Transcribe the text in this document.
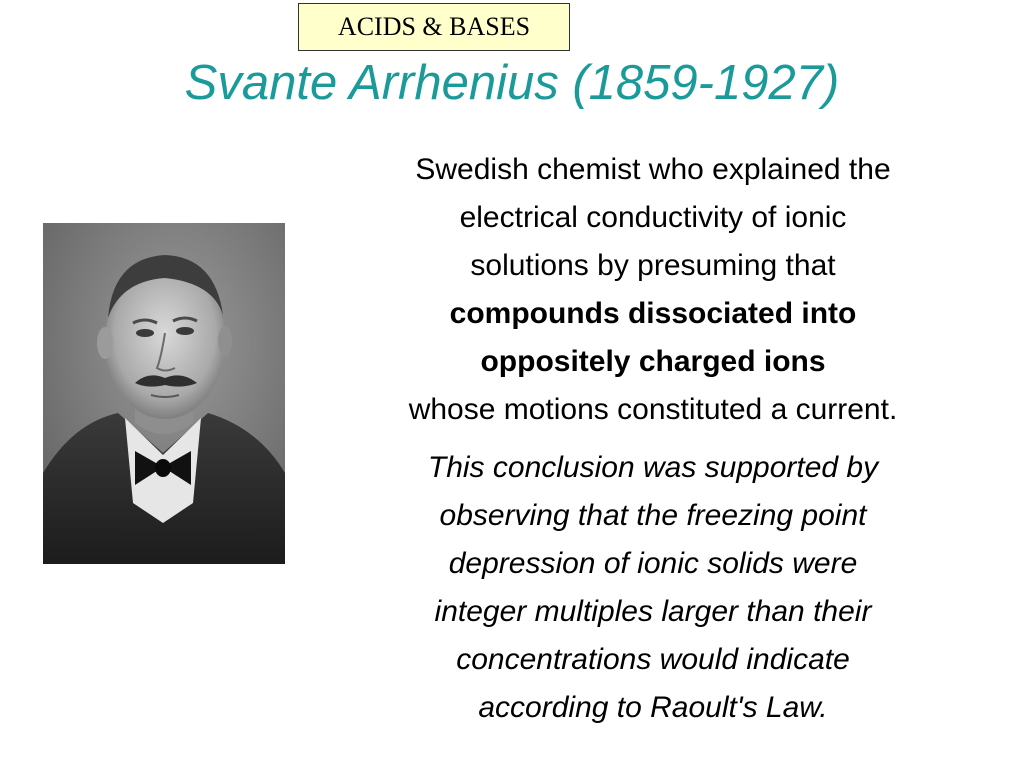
ACIDS & BASES
Svante Arrhenius (1859-1927)

Swedish chemist who explained the
electrical conductivity of ionic
solutions by presuming that
compounds dissociated into
oppositely charged ions
whose motions constituted a current.

This conclusion was supported by
observing that the freezing point
depression of ionic solids were
integer multiples larger than their
concentrations would indicate
according to Raoult's Law.
